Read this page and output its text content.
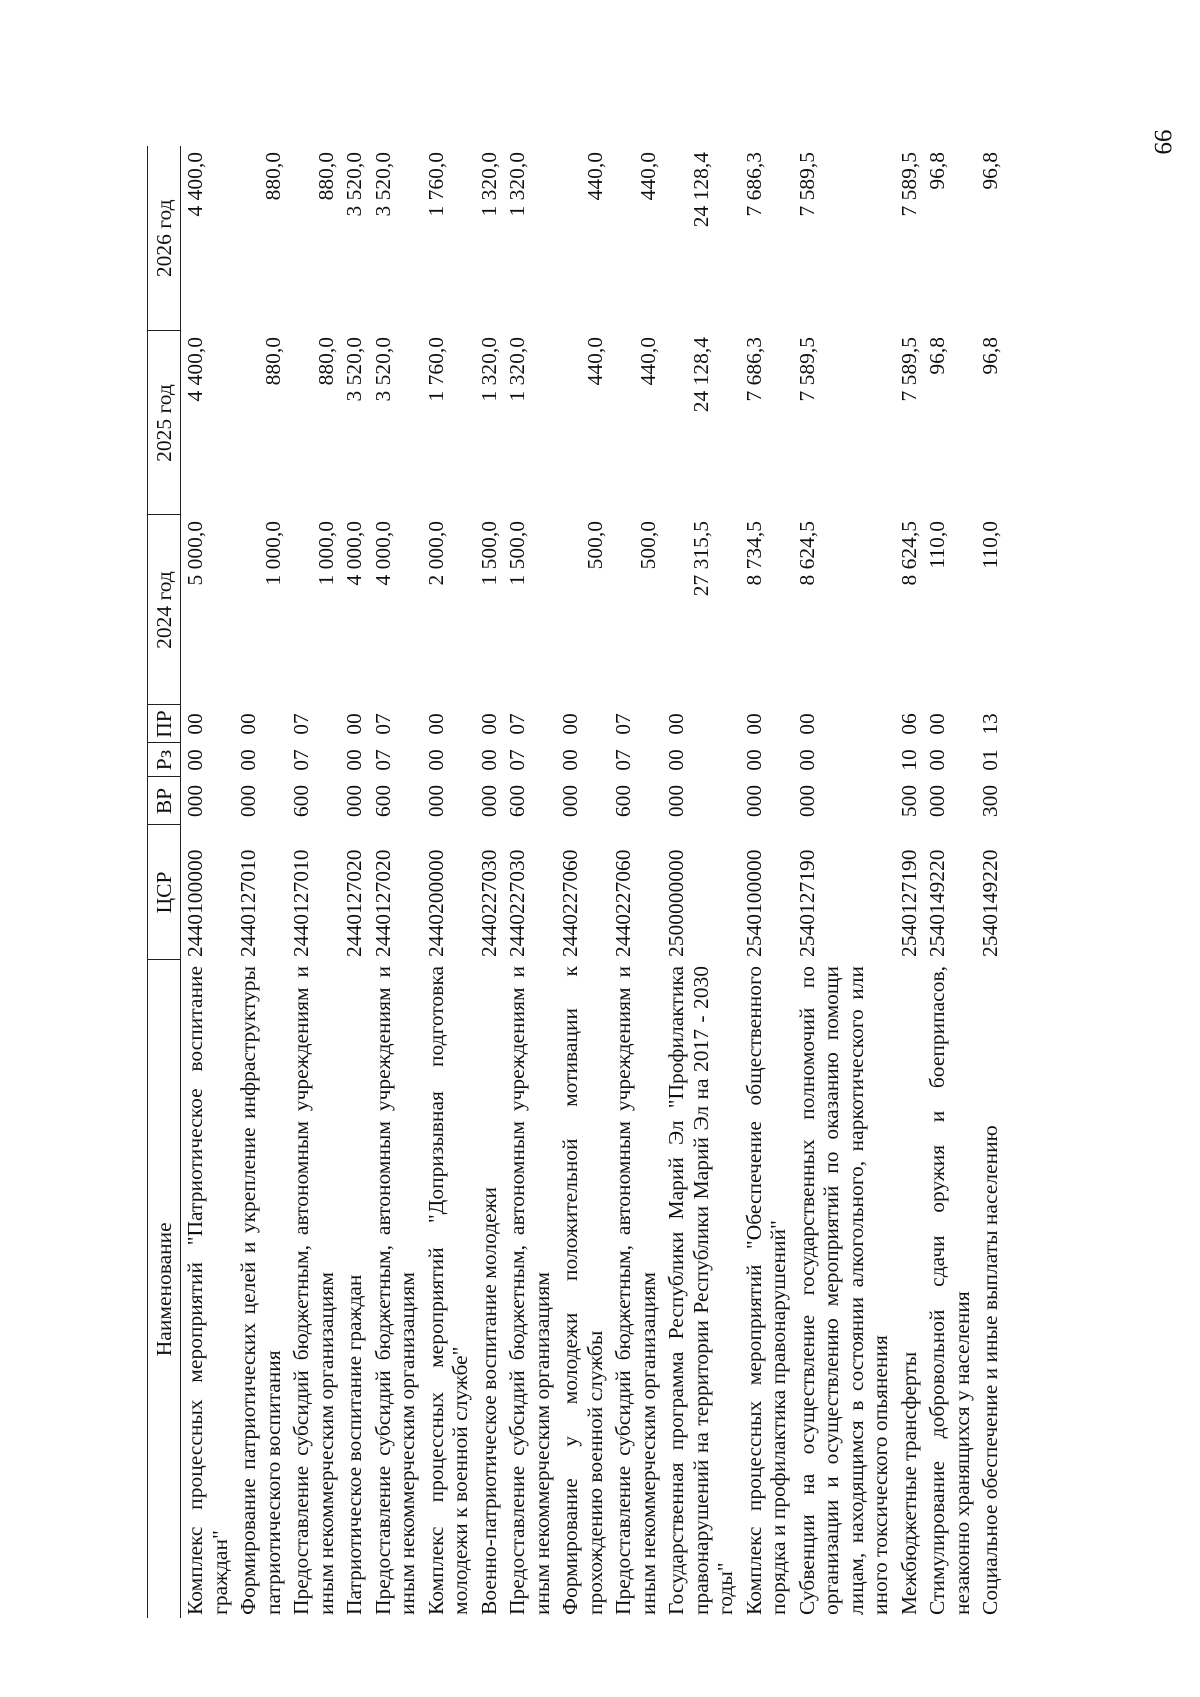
99
Наименование	ЦСР	ВР	Рз	ПР	2024 год	2025 год	2026 год
Комплекс процессных мероприятий "Патриотическое воспитание граждан"	2440100000	000	00	00	5 000,0	4 400,0	4 400,0

Формирование патриотических целей и укрепление инфраструктуры патриотического воспитания	2440127010	000	00	00	1 000,0	880,0	880,0

Предоставление субсидий бюджетным, автономным учреждениям и иным некоммерческим организациям	2440127010	600	07	07	1 000,0	880,0	880,0

Патриотическое воспитание граждан	2440127020	000	00	00	4 000,0	3 520,0	3 520,0

Предоставление субсидий бюджетным, автономным учреждениям и иным некоммерческим организациям	2440127020	600	07	07	4 000,0	3 520,0	3 520,0

Комплекс процессных мероприятий "Допризывная подготовка молодежи к военной службе"	2440200000	000	00	00	2 000,0	1 760,0	1 760,0

Военно-патриотическое воспитание молодежи	2440227030	000	00	00	1 500,0	1 320,0	1 320,0

Предоставление субсидий бюджетным, автономным учреждениям и иным некоммерческим организациям	2440227030	600	07	07	1 500,0	1 320,0	1 320,0

Формирование у молодежи положительной мотивации к прохождению военной службы	2440227060	000	00	00	500,0	440,0	440,0

Предоставление субсидий бюджетным, автономным учреждениям и иным некоммерческим организациям	2440227060	600	07	07	500,0	440,0	440,0

Государственная программа Республики Марий Эл "Профилактика правонарушений на территории Республики Марий Эл на 2017 - 2030 годы"	2500000000	000	00	00	27 315,5	24 128,4	24 128,4

Комплекс процессных мероприятий "Обеспечение общественного порядка и профилактика правонарушений"	2540100000	000	00	00	8 734,5	7 686,3	7 686,3

Субвенции на осуществление государственных полномочий по организации и осуществлению мероприятий по оказанию помощи лицам, находящимся в состоянии алкогольного, наркотического или иного токсического опьянения	2540127190	000	00	00	8 624,5	7 589,5	7 589,5

Межбюджетные трансферты	2540127190	500	10	06	8 624,5	7 589,5	7 589,5

Стимулирование добровольной сдачи оружия и боеприпасов, незаконно хранящихся у населения	2540149220	000	00	00	110,0	96,8	96,8

Социальное обеспечение и иные выплаты населению	2540149220	300	01	13	110,0	96,8	96,8
